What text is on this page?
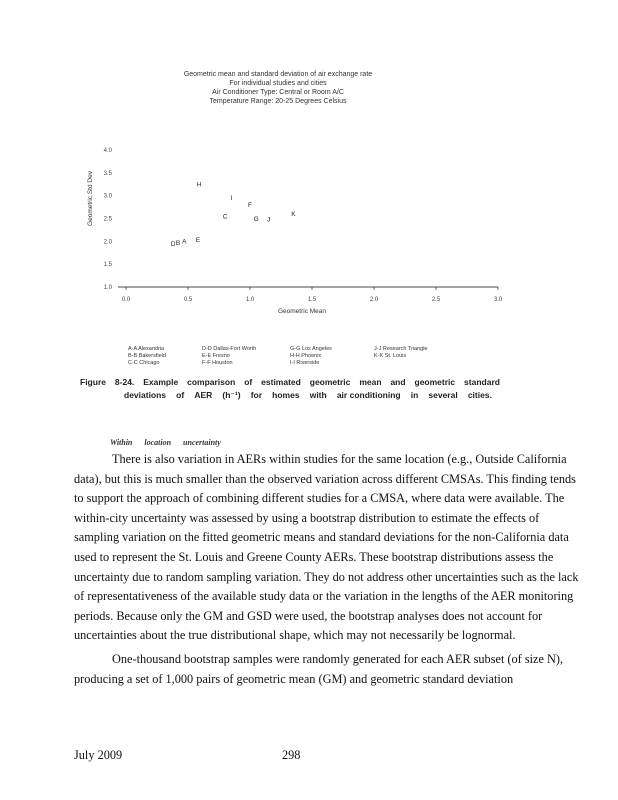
Geometric mean and standard deviation of air exchange rate
For individual studies and cities
Air Conditioner Type: Central or Room A/C
Temperature Range: 20-25 Degrees Celsius
1.0
1.5
2.0
2.5
3.0
3.5
4.0
0.0	0.5	1.0	1.5	2.0	2.5	3.0
Geometric Mean
Geometric Std Dev
D B A E
H
C
I
F
G J
K
A-A Alexandria	D-D Dallas-Fort Worth	G-G Los Angeles	J-J Research Triangle
B-B Bakersfield	E-E Fresno	H-H Phoenix	K-K St. Louis
C-C Chicago	F-F Houston	I-I Riverside
Figure 8-24. Example comparison of estimated geometric mean and geometric standard
deviations of AER (h⁻¹) for homes with air conditioning in several cities.
Within location uncertainty

There is also variation in AERs within studies for the same location (e.g., Outside California data), but this is much smaller than the observed variation across different CMSAs. This finding tends to support the approach of combining different studies for a CMSA, where data were available. The within-city uncertainty was assessed by using a bootstrap distribution to estimate the effects of sampling variation on the fitted geometric means and standard deviations for the non-California data used to represent the St. Louis and Greene County AERs. These bootstrap distributions assess the uncertainty due to random sampling variation. They do not address other uncertainties such as the lack of representativeness of the available study data or the variation in the lengths of the AER monitoring periods. Because only the GM and GSD were used, the bootstrap analyses does not account for uncertainties about the true distributional shape, which may not necessarily be lognormal.

One-thousand bootstrap samples were randomly generated for each AER subset (of size N), producing a set of 1,000 pairs of geometric mean (GM) and geometric standard deviation

July 2009	298
